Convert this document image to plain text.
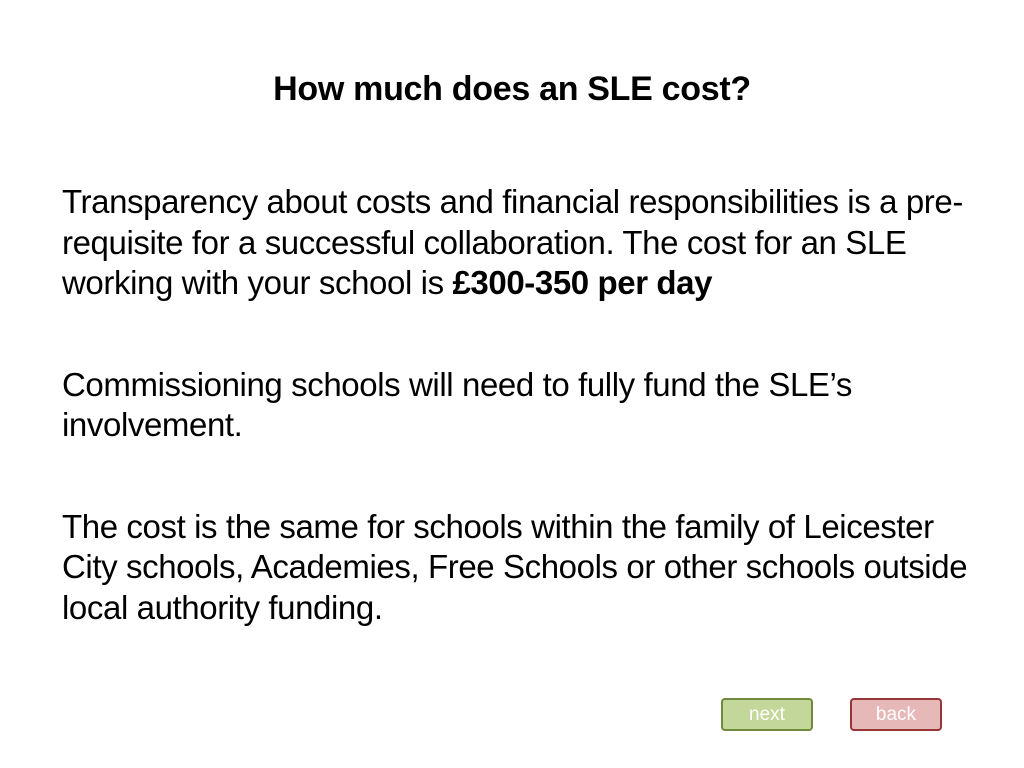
How much does an SLE cost?

Transparency about costs and financial responsibilities is a pre-requisite for a successful collaboration. The cost for an SLE working with your school is £300-350 per day

Commissioning schools will need to fully fund the SLE’s involvement.

The cost is the same for schools within the family of Leicester City schools, Academies, Free Schools or other schools outside local authority funding.

next	back
